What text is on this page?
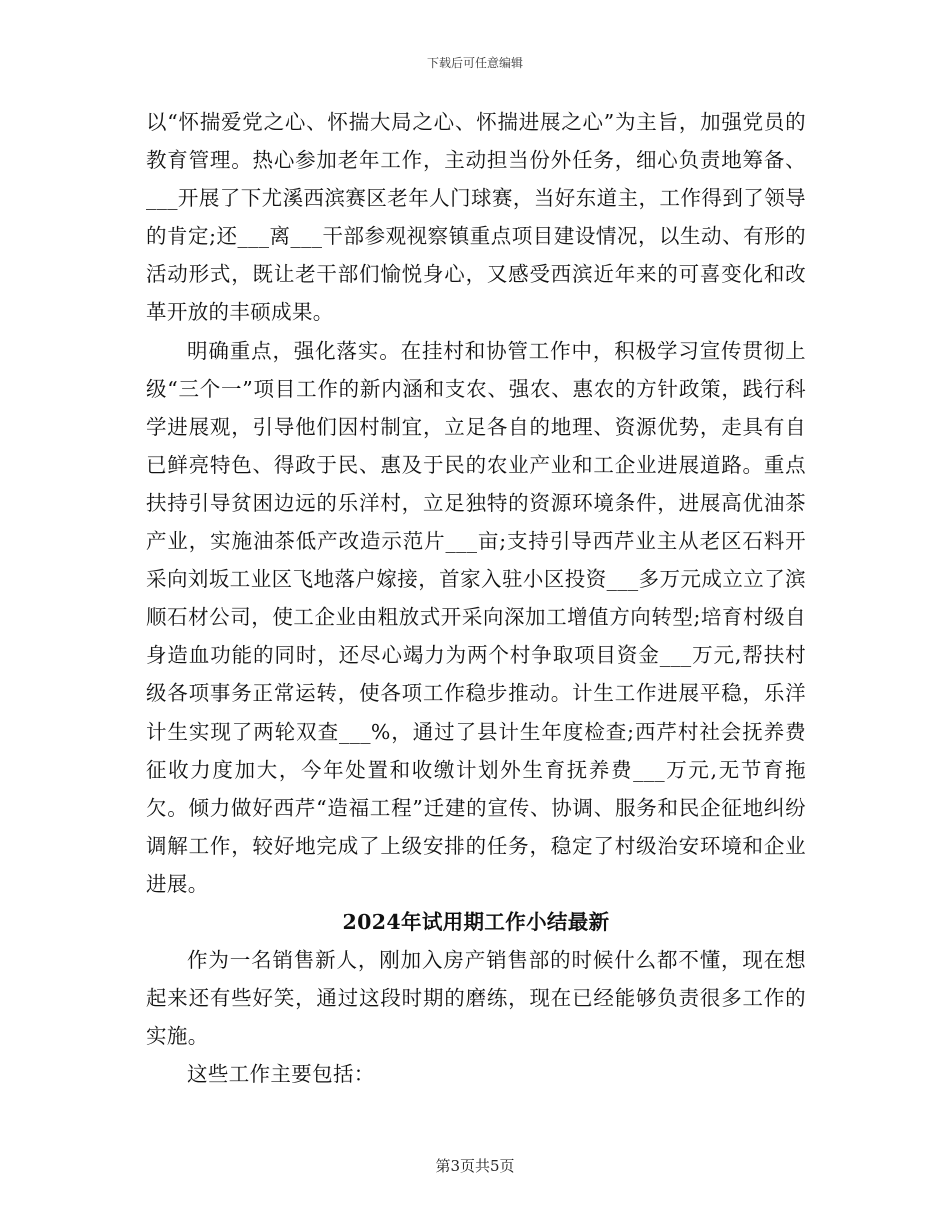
下载后可任意编辑

以“怀揣爱党之心、怀揣大局之心、怀揣进展之心”为主旨，加强党员的教育管理。热心参加老年工作，主动担当份外任务，细心负责地筹备、___开展了下尤溪西滨赛区老年人门球赛，当好东道主，工作得到了领导的肯定;还___离___干部参观视察镇重点项目建设情况，以生动、有形的活动形式，既让老干部们愉悦身心，又感受西滨近年来的可喜变化和改革开放的丰硕成果。

明确重点，强化落实。在挂村和协管工作中，积极学习宣传贯彻上级“三个一”项目工作的新内涵和支农、强农、惠农的方针政策，践行科学进展观，引导他们因村制宜，立足各自的地理、资源优势，走具有自已鲜亮特色、得政于民、惠及于民的农业产业和工企业进展道路。重点扶持引导贫困边远的乐洋村，立足独特的资源环境条件，进展高优油茶产业，实施油茶低产改造示范片___亩;支持引导西芹业主从老区石料开采向刘坂工业区飞地落户嫁接，首家入驻小区投资___多万元成立立了滨顺石材公司，使工企业由粗放式开采向深加工增值方向转型;培育村级自身造血功能的同时，还尽心竭力为两个村争取项目资金___万元,帮扶村级各项事务正常运转，使各项工作稳步推动。计生工作进展平稳，乐洋计生实现了两轮双查___%，通过了县计生年度检查;西芹村社会抚养费征收力度加大，今年处置和收缴计划外生育抚养费___万元,无节育拖欠。倾力做好西芹“造福工程”迁建的宣传、协调、服务和民企征地纠纷调解工作，较好地完成了上级安排的任务，稳定了村级治安环境和企业进展。

2024年试用期工作小结最新

作为一名销售新人，刚加入房产销售部的时候什么都不懂，现在想起来还有些好笑，通过这段时期的磨练，现在已经能够负责很多工作的实施。

这些工作主要包括：

第3页共5页
